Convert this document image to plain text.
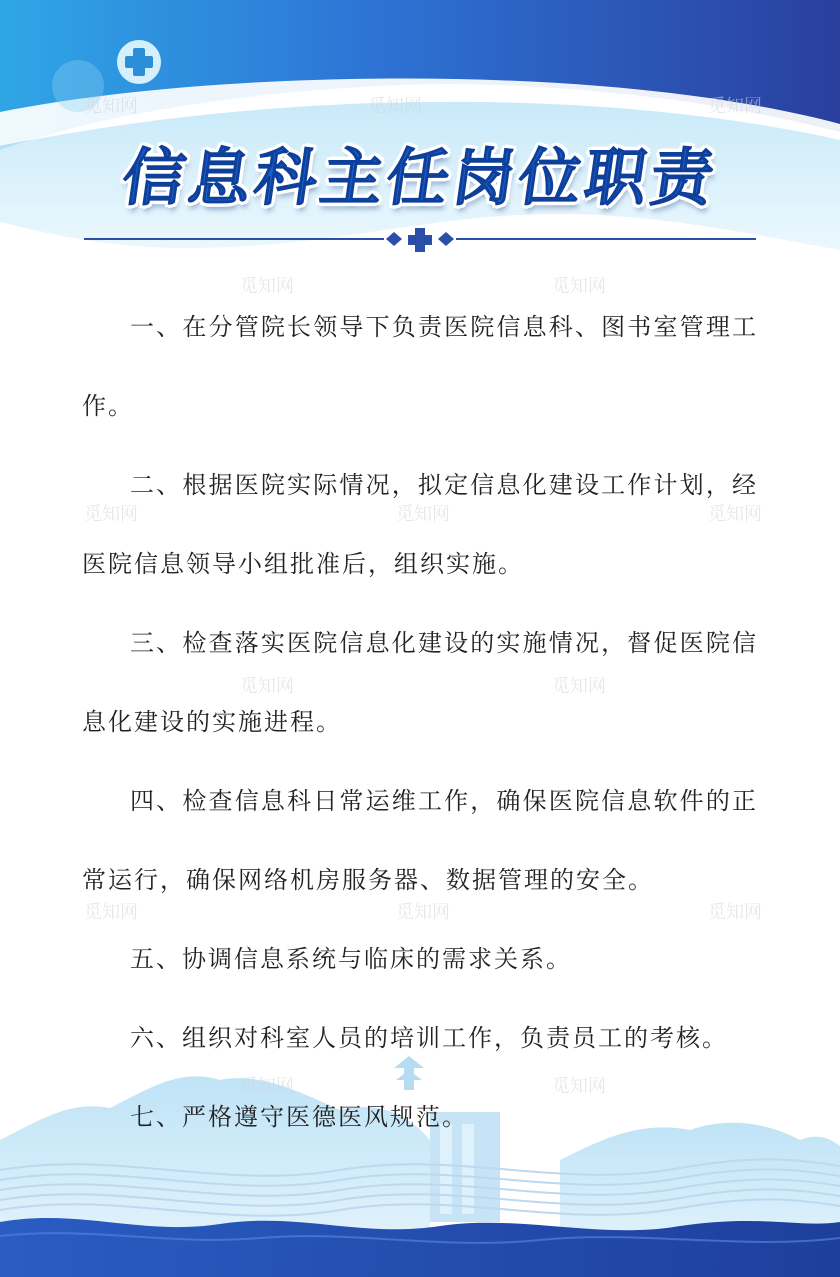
信息科主任岗位职责

一、在分管院长领导下负责医院信息科、图书室管理工作。

二、根据医院实际情况，拟定信息化建设工作计划，经医院信息领导小组批准后，组织实施。

三、检查落实医院信息化建设的实施情况，督促医院信息化建设的实施进程。

四、检查信息科日常运维工作，确保医院信息软件的正常运行，确保网络机房服务器、数据管理的安全。

五、协调信息系统与临床的需求关系。

六、组织对科室人员的培训工作，负责员工的考核。

七、严格遵守医德医风规范。

觅知网	觅知网	觅知网
觅知网	觅知网
觅知网	觅知网	觅知网
觅知网	觅知网
觅知网	觅知网	觅知网
觅知网	觅知网
